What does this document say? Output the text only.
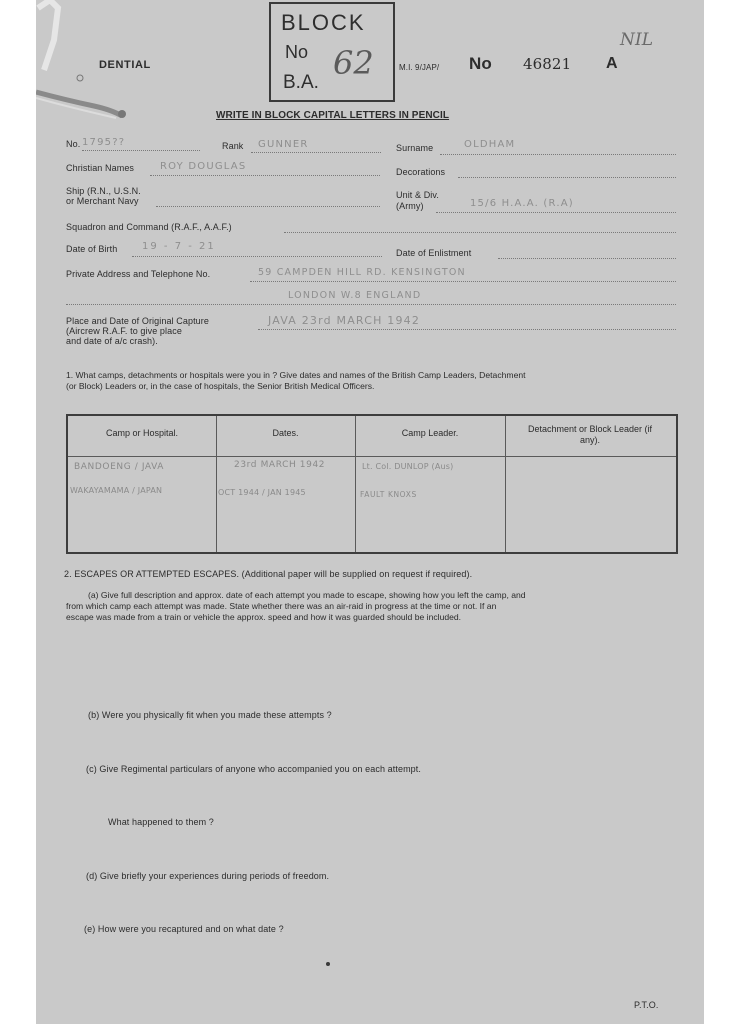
DENTIAL
BLOCK
No
B.A.
62	M.I. 9/JAP/ No 46821 A
NIL
WRITE IN BLOCK CAPITAL LETTERS IN PENCIL
No. 1795??	Rank GUNNER	Surname	OLDHAM
Christian Names	ROY DOUGLAS	Decorations
Ship (R.N., U.S.N.
or Merchant Navy
Unit & Div.
(Army)	15/6 H.A.A. (R.A)
Squadron and Command (R.A.F., A.A.F.)
Date of Birth 19 - 7 - 21
Date of Enlistment
Private Address and Telephone No.	59 CAMPDEN HILL RD. KENSINGTON
LONDON W.8 ENGLAND
Place and Date of Original Capture
(Aircrew R.A.F. to give place
and date of a/c crash).
JAVA 23rd MARCH 1942
1. What camps, detachments or hospitals were you in ? Give dates and names of the British Camp Leaders, Detachment
(or Block) Leaders or, in the case of hospitals, the Senior British Medical Officers.
Camp or Hospital.	Dates.	Camp Leader.	Detachment or Block Leader (if any).
BANDOENG / JAVA	23rd MARCH 1942	Lt. Col. DUNLOP (Aus)
WAKAYAMAMA / JAPAN	OCT 1944 / JAN 1945	FAULT KNOXS
2. ESCAPES OR ATTEMPTED ESCAPES. (Additional paper will be supplied on request if required).
(a) Give full description and approx. date of each attempt you made to escape, showing how you left the camp, and
from which camp each attempt was made. State whether there was an air-raid in progress at the time or not. If an
escape was made from a train or vehicle the approx. speed and how it was guarded should be included.
(b) Were you physically fit when you made these attempts ?
(c) Give Regimental particulars of anyone who accompanied you on each attempt.
What happened to them ?
(d) Give briefly your experiences during periods of freedom.
(e) How were you recaptured and on what date ?
P.T.O.
